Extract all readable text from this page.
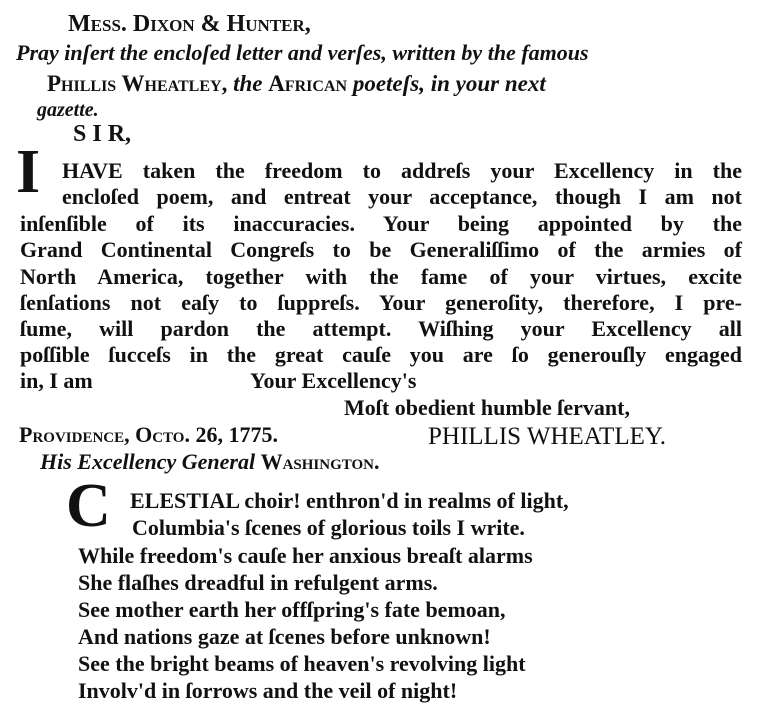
Meſſ. Dixon & Hunter,
Pray inſert the encloſed letter and verſes, written by the famous
Phillis Wheatley, the African poeteſs, in your next
gazette.
S I R,
I HAVE taken the freedom to addreſs your Excellency in the
encloſed poem, and entreat your acceptance, though I am not
inſenſible of its inaccuracies. Your being appointed by the
Grand Continental Congreſs to be Generaliſſimo of the armies of
North America, together with the fame of your virtues, excite
ſenſations not eaſy to ſuppreſs. Your generoſity, therefore, I pre-
ſume, will pardon the attempt. Wiſhing your Excellency all
poſſible ſucceſs in the great cauſe you are ſo generouſly engaged
in, I am	Your Excellency's
Moſt obedient humble ſervant,
Providence, Octo. 26, 1775.	PHILLIS WHEATLEY.
His Excellency General Washington.
C ELESTIAL choir! enthron'd in realms of light,
Columbia's ſcenes of glorious toils I write.
While freedom's cauſe her anxious breaſt alarms
She flaſhes dreadful in refulgent arms.
See mother earth her offſpring's fate bemoan,
And nations gaze at ſcenes before unknown!
See the bright beams of heaven's revolving light
Involv'd in ſorrows and the veil of night!
